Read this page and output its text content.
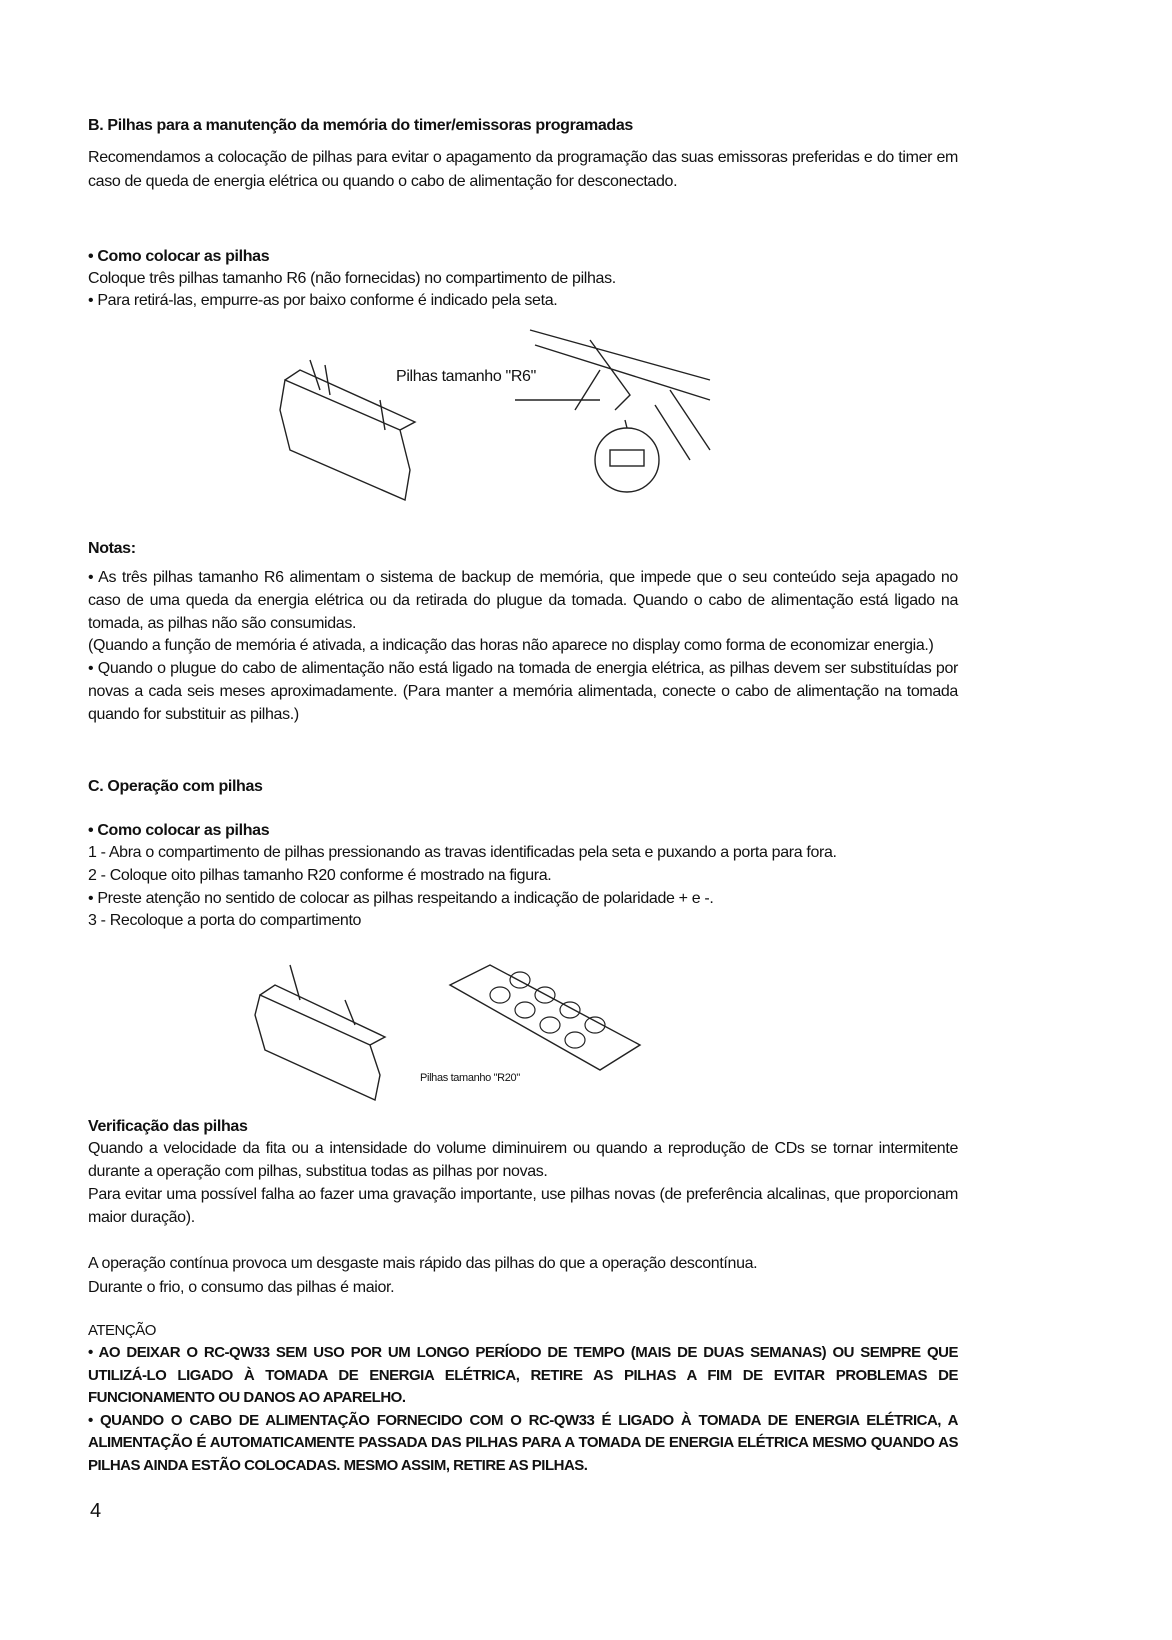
B. Pilhas para a manutenção da memória do timer/emissoras programadas
Recomendamos a colocação de pilhas para evitar o apagamento da programação das suas emissoras preferidas e do timer em caso de queda de energia elétrica ou quando o cabo de alimentação for desconectado.
• Como colocar as pilhas
Coloque três pilhas tamanho R6 (não fornecidas) no compartimento de pilhas.
• Para retirá-las, empurre-as por baixo conforme é indicado pela seta.
Pilhas tamanho "R6"
Notas:

• As três pilhas tamanho R6 alimentam o sistema de backup de memória, que impede que o seu conteúdo seja apagado no caso de uma queda da energia elétrica ou da retirada do plugue da tomada. Quando o cabo de alimentação está ligado na tomada, as pilhas não são consumidas.

(Quando a função de memória é ativada, a indicação das horas não aparece no display como forma de economizar energia.)

• Quando o plugue do cabo de alimentação não está ligado na tomada de energia elétrica, as pilhas devem ser substituídas por novas a cada seis meses aproximadamente. (Para manter a memória alimentada, conecte o cabo de alimentação na tomada quando for substituir as pilhas.)

C. Operação com pilhas
• Como colocar as pilhas

1 - Abra o compartimento de pilhas pressionando as travas identificadas pela seta e puxando a porta para fora.

2 - Coloque oito pilhas tamanho R20 conforme é mostrado na figura.

• Preste atenção no sentido de colocar as pilhas respeitando a indicação de polaridade + e -.

3 - Recoloque a porta do compartimento

Pilhas tamanho "R20"
Verificação das pilhas

Quando a velocidade da fita ou a intensidade do volume diminuirem ou quando a reprodução de CDs se tornar intermitente durante a operação com pilhas, substitua todas as pilhas por novas.

Para evitar uma possível falha ao fazer uma gravação importante, use pilhas novas (de preferência alcalinas, que proporcionam maior duração).

A operação contínua provoca um desgaste mais rápido das pilhas do que a operação descontínua.

Durante o frio, o consumo das pilhas é maior.

ATENÇÃO

• AO DEIXAR O RC-QW33 SEM USO POR UM LONGO PERÍODO DE TEMPO (MAIS DE DUAS SEMANAS) OU SEMPRE QUE UTILIZÁ-LO LIGADO À TOMADA DE ENERGIA ELÉTRICA, RETIRE AS PILHAS A FIM DE EVITAR PROBLEMAS DE FUNCIONAMENTO OU DANOS AO APARELHO.

• QUANDO O CABO DE ALIMENTAÇÃO FORNECIDO COM O RC-QW33 É LIGADO À TOMADA DE ENERGIA ELÉTRICA, A ALIMENTAÇÃO É AUTOMATICAMENTE PASSADA DAS PILHAS PARA A TOMADA DE ENERGIA ELÉTRICA MESMO QUANDO AS PILHAS AINDA ESTÃO COLOCADAS. MESMO ASSIM, RETIRE AS PILHAS.

4
